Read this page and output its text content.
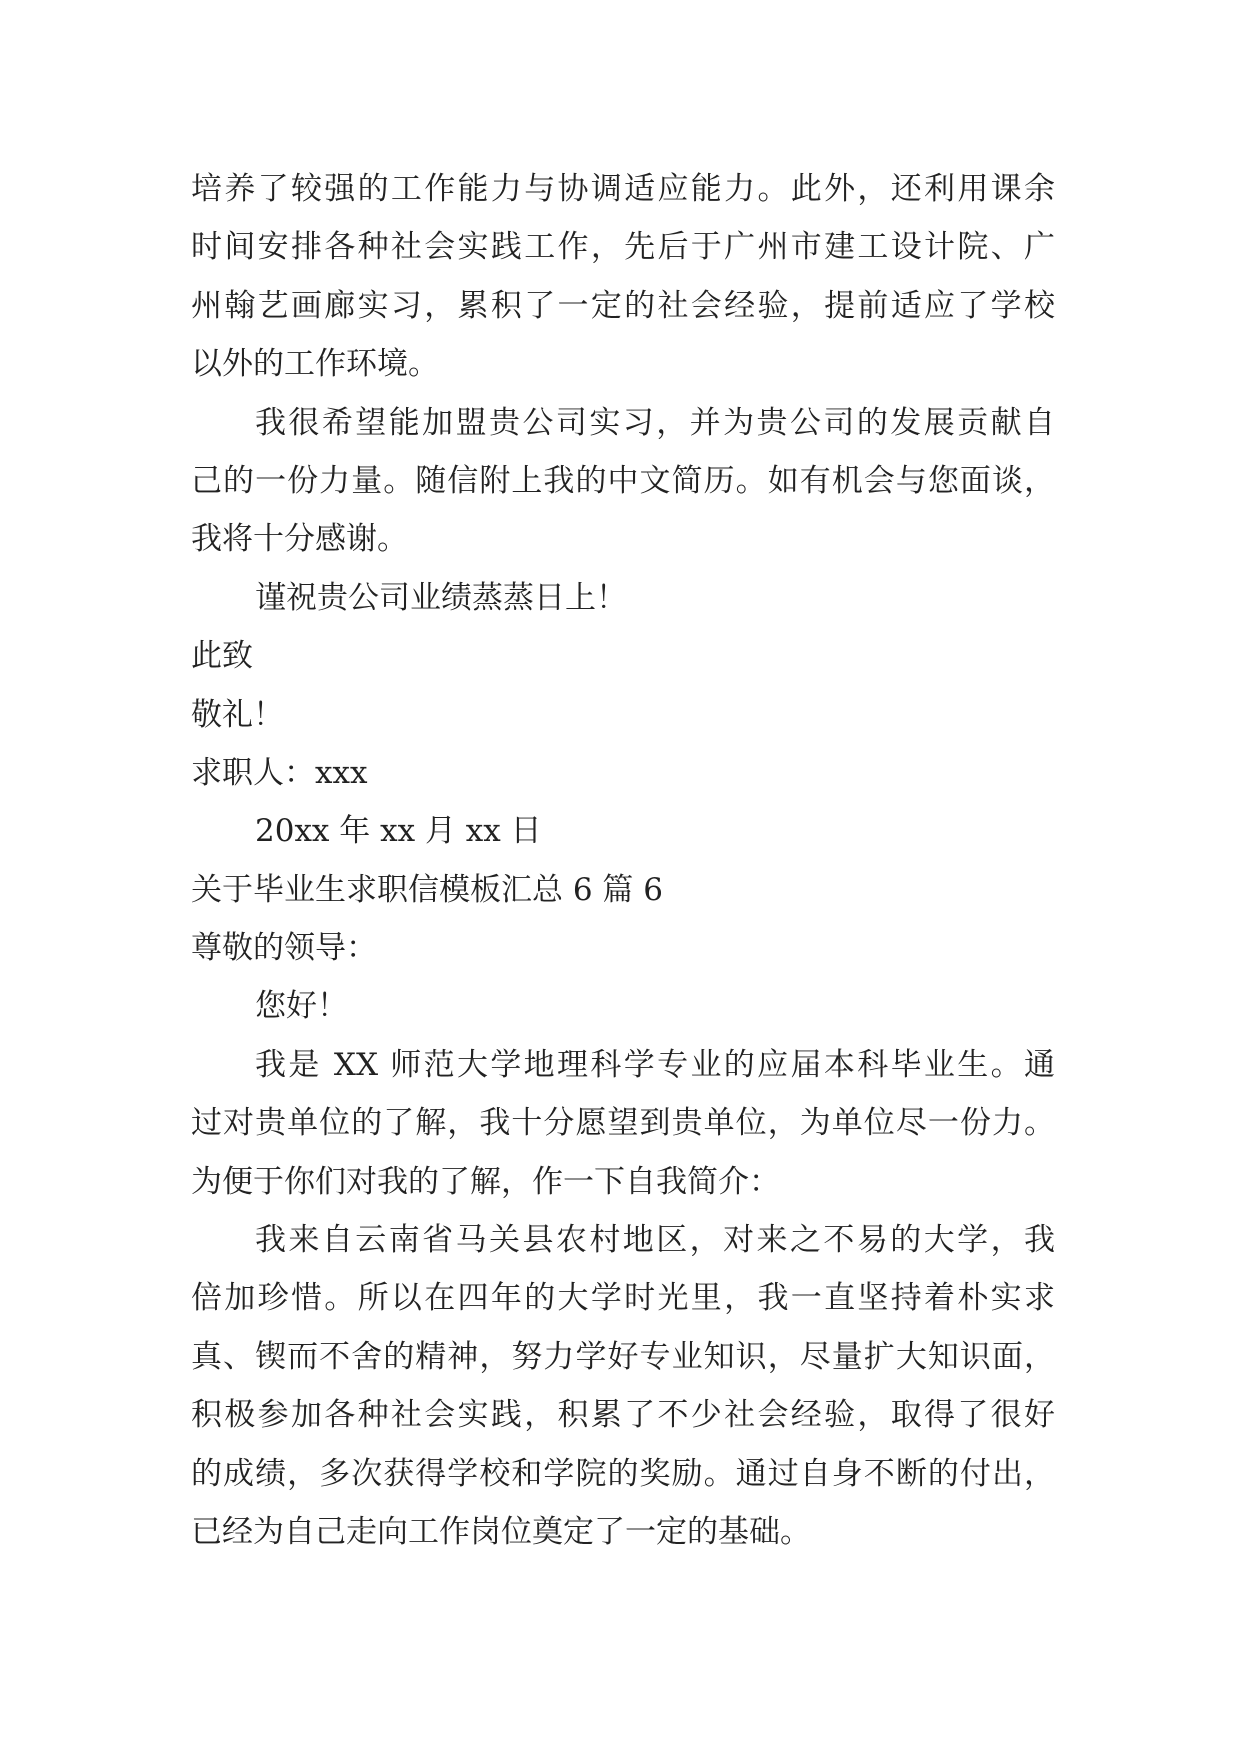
培养了较强的工作能力与协调适应能力。此外，还利用课余
时间安排各种社会实践工作，先后于广州市建工设计院、广
州翰艺画廊实习，累积了一定的社会经验，提前适应了学校
以外的工作环境。
我很希望能加盟贵公司实习，并为贵公司的发展贡献自
己的一份力量。随信附上我的中文简历。如有机会与您面谈，
我将十分感谢。
谨祝贵公司业绩蒸蒸日上！
此致
敬礼！
求职人：xxx
20xx 年 xx 月 xx 日
关于毕业生求职信模板汇总 6 篇 6
尊敬的领导：
您好！
我是 XX 师范大学地理科学专业的应届本科毕业生。通
过对贵单位的了解，我十分愿望到贵单位，为单位尽一份力。
为便于你们对我的了解，作一下自我简介：
我来自云南省马关县农村地区，对来之不易的大学，我
倍加珍惜。所以在四年的大学时光里，我一直坚持着朴实求
真、锲而不舍的精神，努力学好专业知识，尽量扩大知识面，
积极参加各种社会实践，积累了不少社会经验，取得了很好
的成绩，多次获得学校和学院的奖励。通过自身不断的付出，
已经为自己走向工作岗位奠定了一定的基础。
